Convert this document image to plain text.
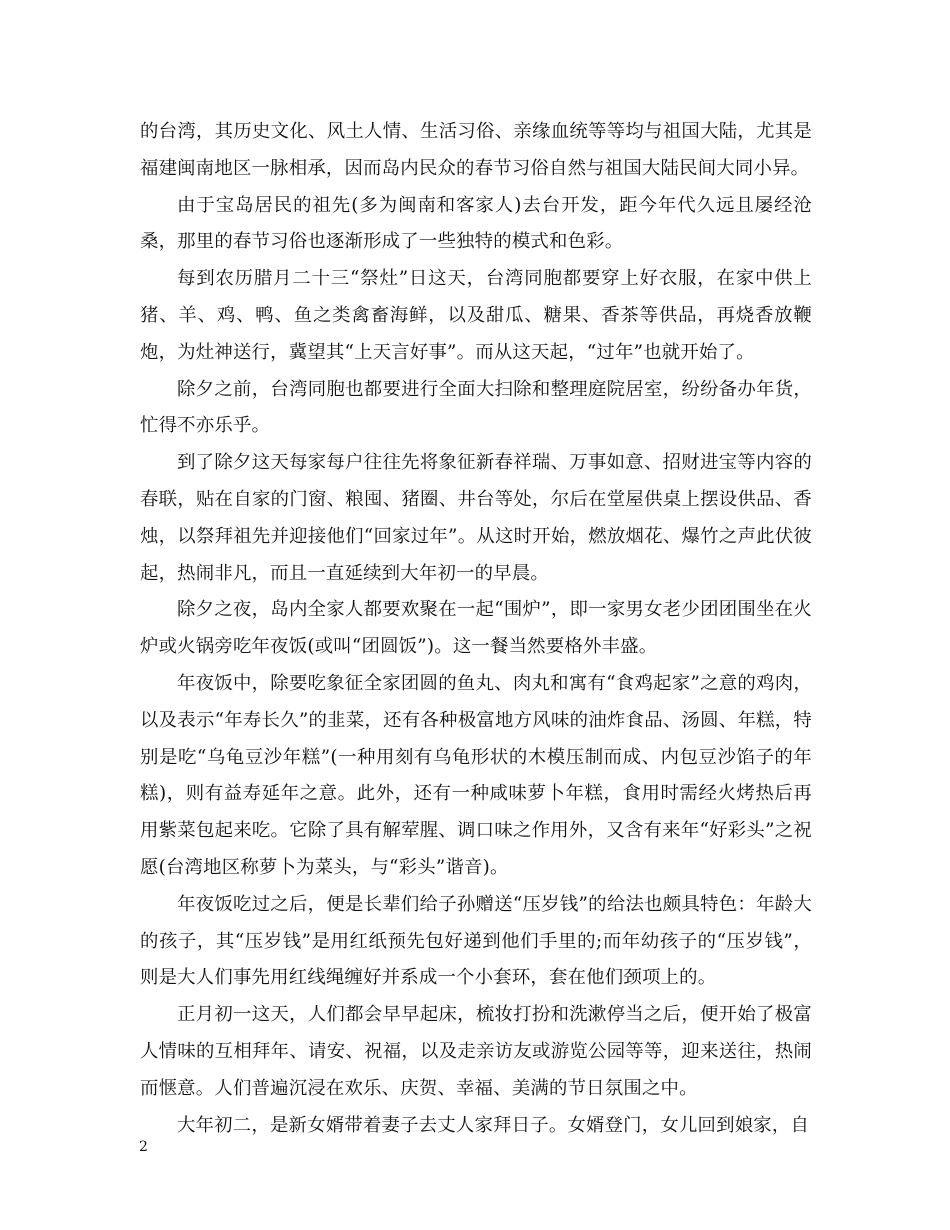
的台湾，其历史文化、风土人情、生活习俗、亲缘血统等等均与祖国大陆，尤其是福建闽南地区一脉相承，因而岛内民众的春节习俗自然与祖国大陆民间大同小异。

由于宝岛居民的祖先(多为闽南和客家人)去台开发，距今年代久远且屡经沧桑，那里的春节习俗也逐渐形成了一些独特的模式和色彩。

每到农历腊月二十三“祭灶”日这天，台湾同胞都要穿上好衣服，在家中供上猪、羊、鸡、鸭、鱼之类禽畜海鲜，以及甜瓜、糖果、香茶等供品，再烧香放鞭炮，为灶神送行，冀望其“上天言好事”。而从这天起，“过年”也就开始了。

除夕之前，台湾同胞也都要进行全面大扫除和整理庭院居室，纷纷备办年货，忙得不亦乐乎。

到了除夕这天每家每户往往先将象征新春祥瑞、万事如意、招财进宝等内容的春联，贴在自家的门窗、粮囤、猪圈、井台等处，尔后在堂屋供桌上摆设供品、香烛，以祭拜祖先并迎接他们“回家过年”。从这时开始，燃放烟花、爆竹之声此伏彼起，热闹非凡，而且一直延续到大年初一的早晨。

除夕之夜，岛内全家人都要欢聚在一起“围炉”，即一家男女老少团团围坐在火炉或火锅旁吃年夜饭(或叫“团圆饭”)。这一餐当然要格外丰盛。

年夜饭中，除要吃象征全家团圆的鱼丸、肉丸和寓有“食鸡起家”之意的鸡肉，以及表示“年寿长久”的韭菜，还有各种极富地方风味的油炸食品、汤圆、年糕，特别是吃“乌龟豆沙年糕”(一种用刻有乌龟形状的木模压制而成、内包豆沙馅子的年糕)，则有益寿延年之意。此外，还有一种咸味萝卜年糕，食用时需经火烤热后再用紫菜包起来吃。它除了具有解荤腥、调口味之作用外，又含有来年“好彩头”之祝愿(台湾地区称萝卜为菜头，与“彩头”谐音)。

年夜饭吃过之后，便是长辈们给子孙赠送“压岁钱”的给法也颇具特色：年龄大的孩子，其“压岁钱”是用红纸预先包好递到他们手里的;而年幼孩子的“压岁钱”，则是大人们事先用红线绳缠好并系成一个小套环，套在他们颈项上的。

正月初一这天，人们都会早早起床，梳妆打扮和洗漱停当之后，便开始了极富人情味的互相拜年、请安、祝福，以及走亲访友或游览公园等等，迎来送往，热闹而惬意。人们普遍沉浸在欢乐、庆贺、幸福、美满的节日氛围之中。

大年初二，是新女婿带着妻子去丈人家拜日子。女婿登门，女儿回到娘家，自

2
